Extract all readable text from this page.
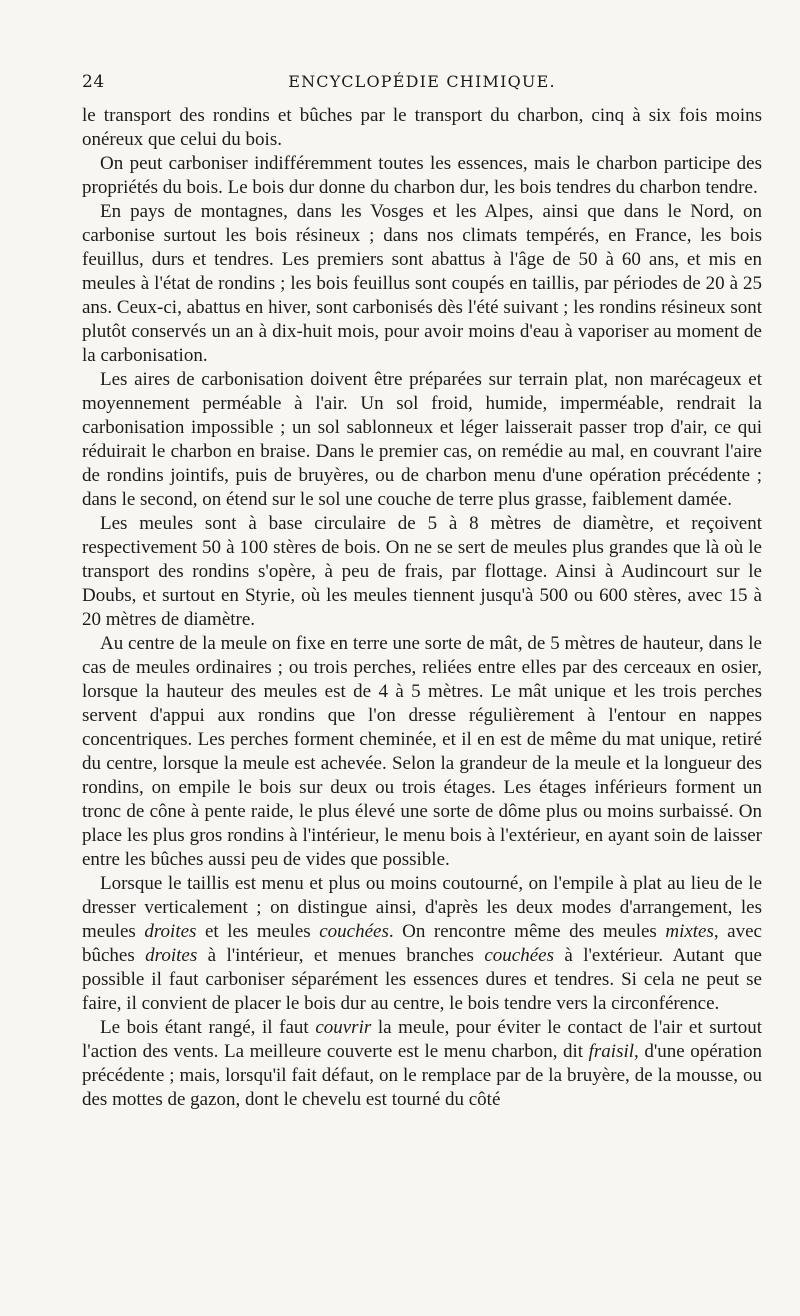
24	ENCYCLOPÉDIE CHIMIQUE.

le transport des rondins et bûches par le transport du charbon, cinq à six fois moins onéreux que celui du bois.

On peut carboniser indifféremment toutes les essences, mais le charbon participe des propriétés du bois. Le bois dur donne du charbon dur, les bois tendres du charbon tendre.

En pays de montagnes, dans les Vosges et les Alpes, ainsi que dans le Nord, on carbonise surtout les bois résineux ; dans nos climats tempérés, en France, les bois feuillus, durs et tendres. Les premiers sont abattus à l'âge de 50 à 60 ans, et mis en meules à l'état de rondins ; les bois feuillus sont coupés en taillis, par périodes de 20 à 25 ans. Ceux-ci, abattus en hiver, sont carbonisés dès l'été suivant ; les rondins résineux sont plutôt conservés un an à dix-huit mois, pour avoir moins d'eau à vaporiser au moment de la carbonisation.

Les aires de carbonisation doivent être préparées sur terrain plat, non marécageux et moyennement perméable à l'air. Un sol froid, humide, imperméable, rendrait la carbonisation impossible ; un sol sablonneux et léger laisserait passer trop d'air, ce qui réduirait le charbon en braise. Dans le premier cas, on remédie au mal, en couvrant l'aire de rondins jointifs, puis de bruyères, ou de charbon menu d'une opération précédente ; dans le second, on étend sur le sol une couche de terre plus grasse, faiblement damée.

Les meules sont à base circulaire de 5 à 8 mètres de diamètre, et reçoivent respectivement 50 à 100 stères de bois. On ne se sert de meules plus grandes que là où le transport des rondins s'opère, à peu de frais, par flottage. Ainsi à Audincourt sur le Doubs, et surtout en Styrie, où les meules tiennent jusqu'à 500 ou 600 stères, avec 15 à 20 mètres de diamètre.

Au centre de la meule on fixe en terre une sorte de mât, de 5 mètres de hauteur, dans le cas de meules ordinaires ; ou trois perches, reliées entre elles par des cerceaux en osier, lorsque la hauteur des meules est de 4 à 5 mètres. Le mât unique et les trois perches servent d'appui aux rondins que l'on dresse régulièrement à l'entour en nappes concentriques. Les perches forment cheminée, et il en est de même du mat unique, retiré du centre, lorsque la meule est achevée. Selon la grandeur de la meule et la longueur des rondins, on empile le bois sur deux ou trois étages. Les étages inférieurs forment un tronc de cône à pente raide, le plus élevé une sorte de dôme plus ou moins surbaissé. On place les plus gros rondins à l'intérieur, le menu bois à l'extérieur, en ayant soin de laisser entre les bûches aussi peu de vides que possible.

Lorsque le taillis est menu et plus ou moins coutourné, on l'empile à plat au lieu de le dresser verticalement ; on distingue ainsi, d'après les deux modes d'arrangement, les meules droites et les meules couchées. On rencontre même des meules mixtes, avec bûches droites à l'intérieur, et menues branches couchées à l'extérieur. Autant que possible il faut carboniser séparément les essences dures et tendres. Si cela ne peut se faire, il convient de placer le bois dur au centre, le bois tendre vers la circonférence.

Le bois étant rangé, il faut couvrir la meule, pour éviter le contact de l'air et surtout l'action des vents. La meilleure couverte est le menu charbon, dit fraisil, d'une opération précédente ; mais, lorsqu'il fait défaut, on le remplace par de la bruyère, de la mousse, ou des mottes de gazon, dont le chevelu est tourné du côté
